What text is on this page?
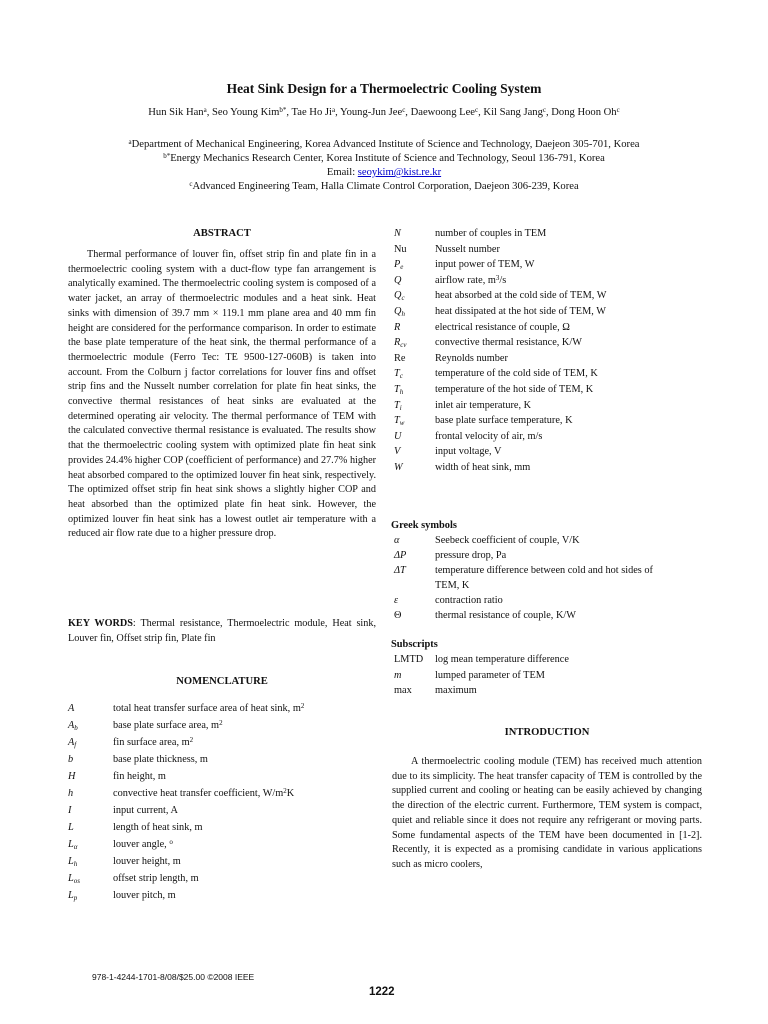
Heat Sink Design for a Thermoelectric Cooling System
Hun Sik Han$^a$, Seo Young Kim$^{b*}$, Tae Ho Ji$^a$, Young-Jun Jee$^c$, Daewoong Lee$^c$, Kil Sang Jang$^c$, Dong Hoon Oh$^c$
$^a$Department of Mechanical Engineering, Korea Advanced Institute of Science and Technology, Daejeon 305-701, Korea
$^{b*}$Energy Mechanics Research Center, Korea Institute of Science and Technology, Seoul 136-791, Korea
Email: seoykim@kist.re.kr
$^c$Advanced Engineering Team, Halla Climate Control Corporation, Daejeon 306-239, Korea
ABSTRACT

Thermal performance of louver fin, offset strip fin and plate fin in a thermoelectric cooling system with a duct-flow type fan arrangement is analytically examined. The thermoelectric cooling system is composed of a water jacket, an array of thermoelectric modules and a heat sink. Heat sinks with dimension of 39.7 mm × 119.1 mm plane area and 40 mm fin height are considered for the performance comparison. In order to estimate the base plate temperature of the heat sink, the thermal performance of a thermoelectric module (Ferro Tec: TE 9500-127-060B) is taken into account. From the Colburn j factor correlations for louver fins and offset strip fins and the Nusselt number correlation for plate fin heat sinks, the convective thermal resistances of heat sinks are evaluated at the determined operating air velocity. The thermal performance of TEM with the calculated convective thermal resistance is evaluated. The results show that the thermoelectric cooling system with optimized plate fin heat sink provides 24.4% higher COP (coefficient of performance) and 27.7% higher heat absorbed compared to the optimized louver fin heat sink, respectively. The optimized offset strip fin heat sink shows a slightly higher COP and heat absorbed than the optimized plate fin heat sink. However, the optimized louver fin heat sink has a lowest outlet air temperature with a reduced air flow rate due to a higher pressure drop.

KEY WORDS: Thermal resistance, Thermoelectric module, Heat sink, Louver fin, Offset strip fin, Plate fin

NOMENCLATURE
A	total heat transfer surface area of heat sink, $m^2$
$A_b$	base plate surface area, $m^2$
$A_f$	fin surface area, $m^2$
b	base plate thickness, m
H	fin height, m
h	convective heat transfer coefficient, $W/m^2K$
I	input current, A
L	length of heat sink, m
$L_\alpha$	louver angle, $^o$
$L_h$	louver height, m
$L_{os}$	offset strip length, m
$L_p$	louver pitch, m
N	number of couples in TEM
Nu	Nusselt number
$P_e$	input power of TEM, W
Q	airflow rate, $m^3/s$
$Q_c$	heat absorbed at the cold side of TEM, W
$Q_h$	heat dissipated at the hot side of TEM, W
R	electrical resistance of couple, Ω
$R_{cv}$	convective thermal resistance, K/W
Re	Reynolds number
$T_c$	temperature of the cold side of TEM, K
$T_h$	temperature of the hot side of TEM, K
$T_i$	inlet air temperature, K
$T_w$	base plate surface temperature, K
U	frontal velocity of air, m/s
V	input voltage, V
W	width of heat sink, mm
Greek symbols
α	Seebeck coefficient of couple, V/K
ΔP	pressure drop, Pa
ΔT	temperature difference between cold and hot sides of
TEM, K
ε	contraction ratio
Θ	thermal resistance of couple, K/W
Subscripts
LMTD log mean temperature difference
m	lumped parameter of TEM
max maximum
INTRODUCTION

A thermoelectric cooling module (TEM) has received much attention due to its simplicity. The heat transfer capacity of TEM is controlled by the supplied current and cooling or heating can be easily achieved by changing the direction of the electric current. Furthermore, TEM system is compact, quiet and reliable since it does not require any refrigerant or moving parts. Some fundamental aspects of the TEM have been documented in [1-2]. Recently, it is expected as a promising candidate in various applications such as micro coolers,

978-1-4244-1701-8/08/$25.00 ©2008 IEEE
1222
